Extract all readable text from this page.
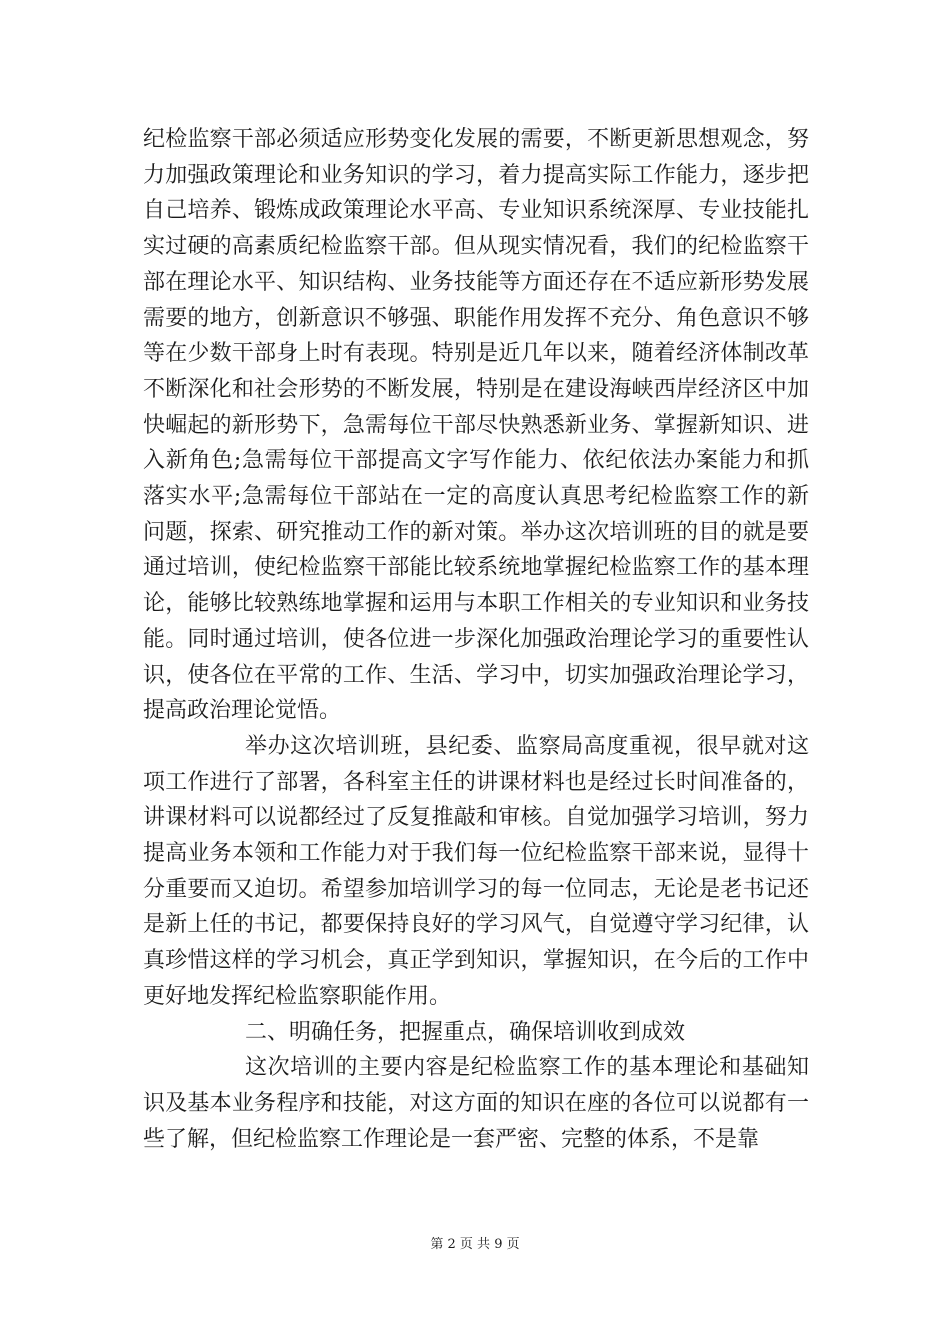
纪检监察干部必须适应形势变化发展的需要，不断更新思想观念，努力加强政策理论和业务知识的学习，着力提高实际工作能力，逐步把自己培养、锻炼成政策理论水平高、专业知识系统深厚、专业技能扎实过硬的高素质纪检监察干部。但从现实情况看，我们的纪检监察干部在理论水平、知识结构、业务技能等方面还存在不适应新形势发展需要的地方，创新意识不够强、职能作用发挥不充分、角色意识不够等在少数干部身上时有表现。特别是近几年以来，随着经济体制改革不断深化和社会形势的不断发展，特别是在建设海峡西岸经济区中加快崛起的新形势下，急需每位干部尽快熟悉新业务、掌握新知识、进入新角色;急需每位干部提高文字写作能力、依纪依法办案能力和抓落实水平;急需每位干部站在一定的高度认真思考纪检监察工作的新问题，探索、研究推动工作的新对策。举办这次培训班的目的就是要通过培训，使纪检监察干部能比较系统地掌握纪检监察工作的基本理论，能够比较熟练地掌握和运用与本职工作相关的专业知识和业务技能。同时通过培训，使各位进一步深化加强政治理论学习的重要性认识，使各位在平常的工作、生活、学习中，切实加强政治理论学习，提高政治理论觉悟。

举办这次培训班，县纪委、监察局高度重视，很早就对这项工作进行了部署，各科室主任的讲课材料也是经过长时间准备的，讲课材料可以说都经过了反复推敲和审核。自觉加强学习培训，努力提高业务本领和工作能力对于我们每一位纪检监察干部来说，显得十分重要而又迫切。希望参加培训学习的每一位同志，无论是老书记还是新上任的书记，都要保持良好的学习风气，自觉遵守学习纪律，认真珍惜这样的学习机会，真正学到知识，掌握知识，在今后的工作中更好地发挥纪检监察职能作用。

二、明确任务，把握重点，确保培训收到成效

这次培训的主要内容是纪检监察工作的基本理论和基础知识及基本业务程序和技能，对这方面的知识在座的各位可以说都有一些了解，但纪检监察工作理论是一套严密、完整的体系，不是靠

第 2 页 共 9 页
